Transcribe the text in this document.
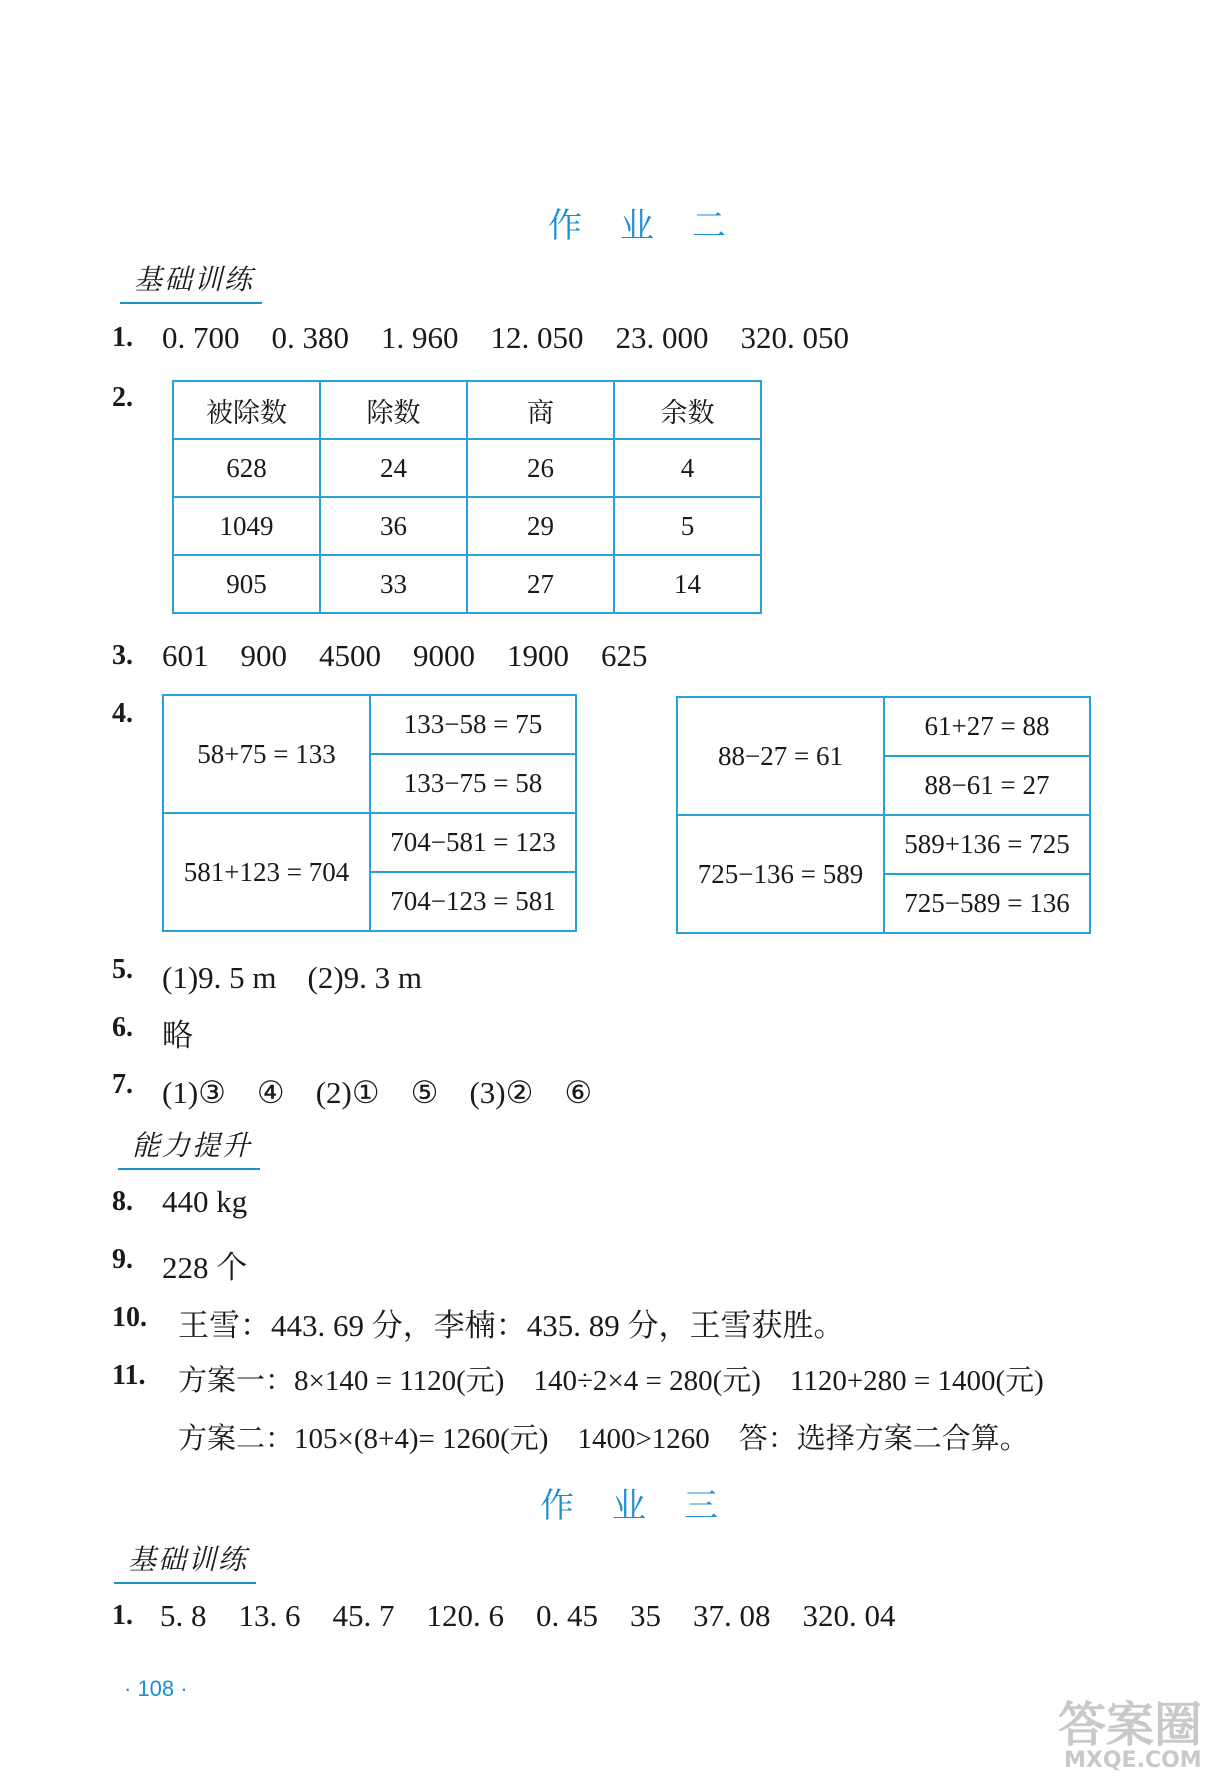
作业二
基础训练
1. 0. 700 0. 380 1. 960 12. 050 23. 000 320. 050
2.	被除数	除数	商	余数
628	24	26	4
1049	36	29	5
905	33	27	14
3. 601 900 4500 9000 1900 625
4.
58+75 = 133	133−58 = 75
	133−75 = 58
581+123 = 704	704−581 = 123
	704−123 = 581
88−27 = 61	61+27 = 88
	88−61 = 27
725−136 = 589	589+136 = 725
	725−589 = 136
5. (1)9. 5 m　(2)9. 3 m
6. 略
7. (1)③　④　(2)①　⑤　(3)②　⑥
能力提升
8. 440 kg
9. 228 个
10. 王雪：443. 69 分，李楠：435. 89 分，王雪获胜。
11. 方案一：8×140 = 1120(元)　140÷2×4 = 280(元)　1120+280 = 1400(元)
方案二：105×(8+4)= 1260(元)　1400>1260　答：选择方案二合算。
作业三
基础训练
1. 5. 8 13. 6 45. 7 120. 6 0. 45 35 37. 08 320. 04
· 108 ·
答案圈
MXQE.COM
